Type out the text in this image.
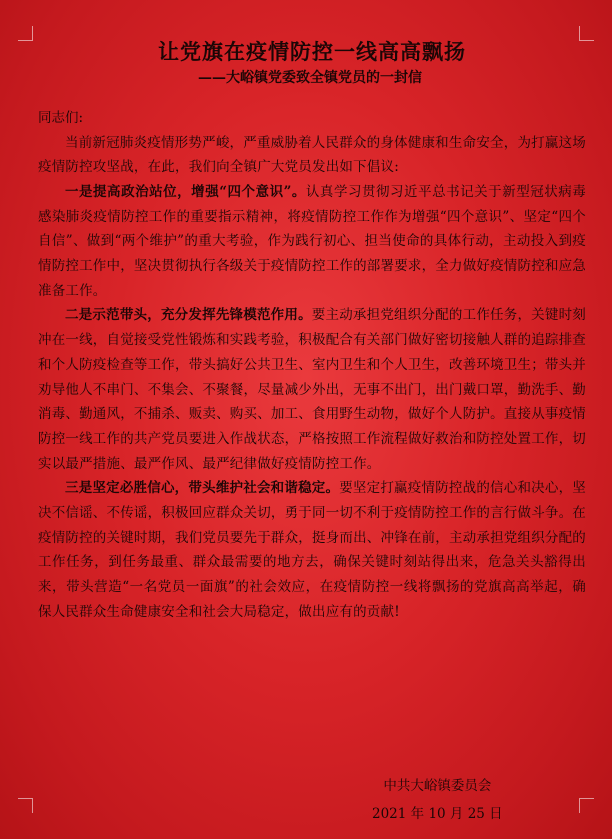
让党旗在疫情防控一线高高飘扬

——大峪镇党委致全镇党员的一封信

同志们:

当前新冠肺炎疫情形势严峻，严重威胁着人民群众的身体健康和生命安全，为打赢这场疫情防控攻坚战，在此，我们向全镇广大党员发出如下倡议:

一是提高政治站位，增强“四个意识”。认真学习贯彻习近平总书记关于新型冠状病毒感染肺炎疫情防控工作的重要指示精神，将疫情防控工作作为增强“四个意识”、坚定“四个自信”、做到“两个维护”的重大考验，作为践行初心、担当使命的具体行动，主动投入到疫情防控工作中，坚决贯彻执行各级关于疫情防控工作的部署要求，全力做好疫情防控和应急准备工作。

二是示范带头，充分发挥先锋模范作用。要主动承担党组织分配的工作任务，关键时刻冲在一线，自觉接受党性锻炼和实践考验，积极配合有关部门做好密切接触人群的追踪排查和个人防疫检查等工作，带头搞好公共卫生、室内卫生和个人卫生，改善环境卫生；带头并劝导他人不串门、不集会、不聚餐，尽量减少外出，无事不出门，出门戴口罩，勤洗手、勤消毒、勤通风，不捕杀、贩卖、购买、加工、食用野生动物，做好个人防护。直接从事疫情防控一线工作的共产党员要进入作战状态，严格按照工作流程做好救治和防控处置工作，切实以最严措施、最严作风、最严纪律做好疫情防控工作。

三是坚定必胜信心，带头维护社会和谐稳定。要坚定打赢疫情防控战的信心和决心，坚决不信谣、不传谣，积极回应群众关切，勇于同一切不利于疫情防控工作的言行做斗争。在疫情防控的关键时期，我们党员要先于群众，挺身而出、冲锋在前，主动承担党组织分配的工作任务，到任务最重、群众最需要的地方去，确保关键时刻站得出来，危急关头豁得出来，带头营造“一名党员一面旗”的社会效应，在疫情防控一线将飘扬的党旗高高举起，确保人民群众生命健康安全和社会大局稳定，做出应有的贡献!

中共大峪镇委员会
2021 年 10 月 25 日
